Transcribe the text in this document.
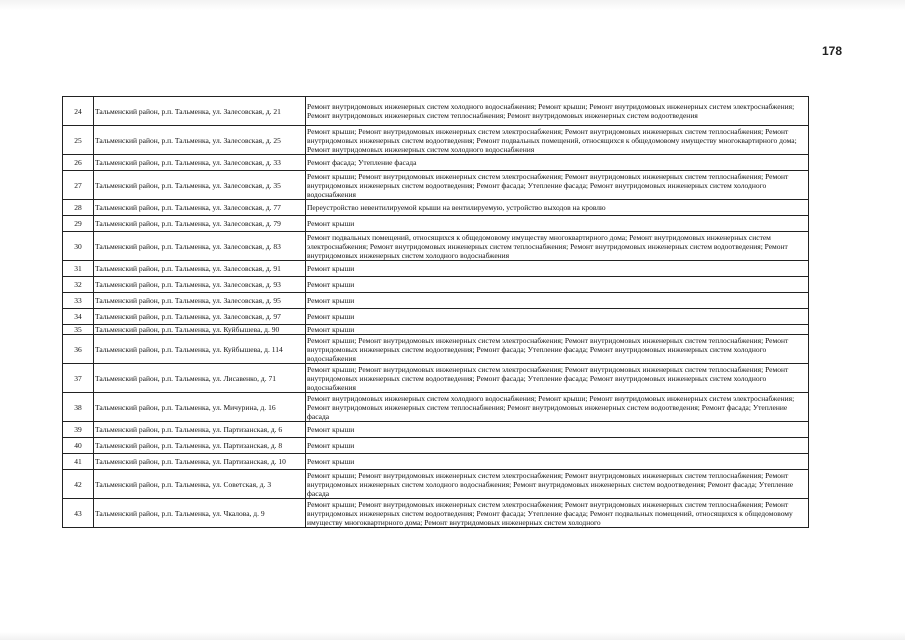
178
24	Тальменский район, р.п. Тальменка, ул. Залесовская, д. 21	Ремонт внутридомовых инженерных систем холодного водоснабжения; Ремонт крыши; Ремонт внутридомовых инженерных систем электроснабжения; Ремонт внутридомовых инженерных систем теплоснабжения; Ремонт внутридомовых инженерных систем водоотведения
25	Тальменский район, р.п. Тальменка, ул. Залесовская, д. 25	Ремонт крыши; Ремонт внутридомовых инженерных систем электроснабжения; Ремонт внутридомовых инженерных систем теплоснабжения; Ремонт внутридомовых инженерных систем водоотведения; Ремонт подвальных помещений, относящихся к общедомовому имуществу многоквартирного дома; Ремонт внутридомовых инженерных систем холодного водоснабжения
26	Тальменский район, р.п. Тальменка, ул. Залесовская, д. 33	Ремонт фасада; Утепление фасада
27	Тальменский район, р.п. Тальменка, ул. Залесовская, д. 35	Ремонт крыши; Ремонт внутридомовых инженерных систем электроснабжения; Ремонт внутридомовых инженерных систем теплоснабжения; Ремонт внутридомовых инженерных систем водоотведения; Ремонт фасада; Утепление фасада; Ремонт внутридомовых инженерных систем холодного водоснабжения
28	Тальменский район, р.п. Тальменка, ул. Залесовская, д. 77	Переустройство невентилируемой крыши на вентилируемую, устройство выходов на кровлю
29	Тальменский район, р.п. Тальменка, ул. Залесовская, д. 79	Ремонт крыши
30	Тальменский район, р.п. Тальменка, ул. Залесовская, д. 83	Ремонт подвальных помещений, относящихся к общедомовому имуществу многоквартирного дома; Ремонт внутридомовых инженерных систем электроснабжения; Ремонт внутридомовых инженерных систем теплоснабжения; Ремонт внутридомовых инженерных систем водоотведения; Ремонт внутридомовых инженерных систем холодного водоснабжения
31	Тальменский район, р.п. Тальменка, ул. Залесовская, д. 91	Ремонт крыши
32	Тальменский район, р.п. Тальменка, ул. Залесовская, д. 93	Ремонт крыши
33	Тальменский район, р.п. Тальменка, ул. Залесовская, д. 95	Ремонт крыши
34	Тальменский район, р.п. Тальменка, ул. Залесовская, д. 97	Ремонт крыши
35	Тальменский район, р.п. Тальменка, ул. Куйбышева, д. 90	Ремонт крыши
36	Тальменский район, р.п. Тальменка, ул. Куйбышева, д. 114	Ремонт крыши; Ремонт внутридомовых инженерных систем электроснабжения; Ремонт внутридомовых инженерных систем теплоснабжения; Ремонт внутридомовых инженерных систем водоотведения; Ремонт фасада; Утепление фасада; Ремонт внутридомовых инженерных систем холодного водоснабжения
37	Тальменский район, р.п. Тальменка, ул. Лисавенко, д. 71	Ремонт крыши; Ремонт внутридомовых инженерных систем электроснабжения; Ремонт внутридомовых инженерных систем теплоснабжения; Ремонт внутридомовых инженерных систем водоотведения; Ремонт фасада; Утепление фасада; Ремонт внутридомовых инженерных систем холодного водоснабжения
38	Тальменский район, р.п. Тальменка, ул. Мичурина, д. 16	Ремонт внутридомовых инженерных систем холодного водоснабжения; Ремонт крыши; Ремонт внутридомовых инженерных систем электроснабжения; Ремонт внутридомовых инженерных систем теплоснабжения; Ремонт внутридомовых инженерных систем водоотведения; Ремонт фасада; Утепление фасада
39	Тальменский район, р.п. Тальменка, ул. Партизанская, д. 6	Ремонт крыши
40	Тальменский район, р.п. Тальменка, ул. Партизанская, д. 8	Ремонт крыши
41	Тальменский район, р.п. Тальменка, ул. Партизанская, д. 10	Ремонт крыши
42	Тальменский район, р.п. Тальменка, ул. Советская, д. 3	Ремонт крыши; Ремонт внутридомовых инженерных систем электроснабжения; Ремонт внутридомовых инженерных систем теплоснабжения; Ремонт внутридомовых инженерных систем холодного водоснабжения; Ремонт внутридомовых инженерных систем водоотведения; Ремонт фасада; Утепление фасада
43	Тальменский район, р.п. Тальменка, ул. Чкалова, д. 9	Ремонт крыши; Ремонт внутридомовых инженерных систем электроснабжения; Ремонт внутридомовых инженерных систем теплоснабжения; Ремонт внутридомовых инженерных систем водоотведения; Ремонт фасада; Утепление фасада; Ремонт подвальных помещений, относящихся к общедомовому имуществу многоквартирного дома; Ремонт внутридомовых инженерных систем холодного
